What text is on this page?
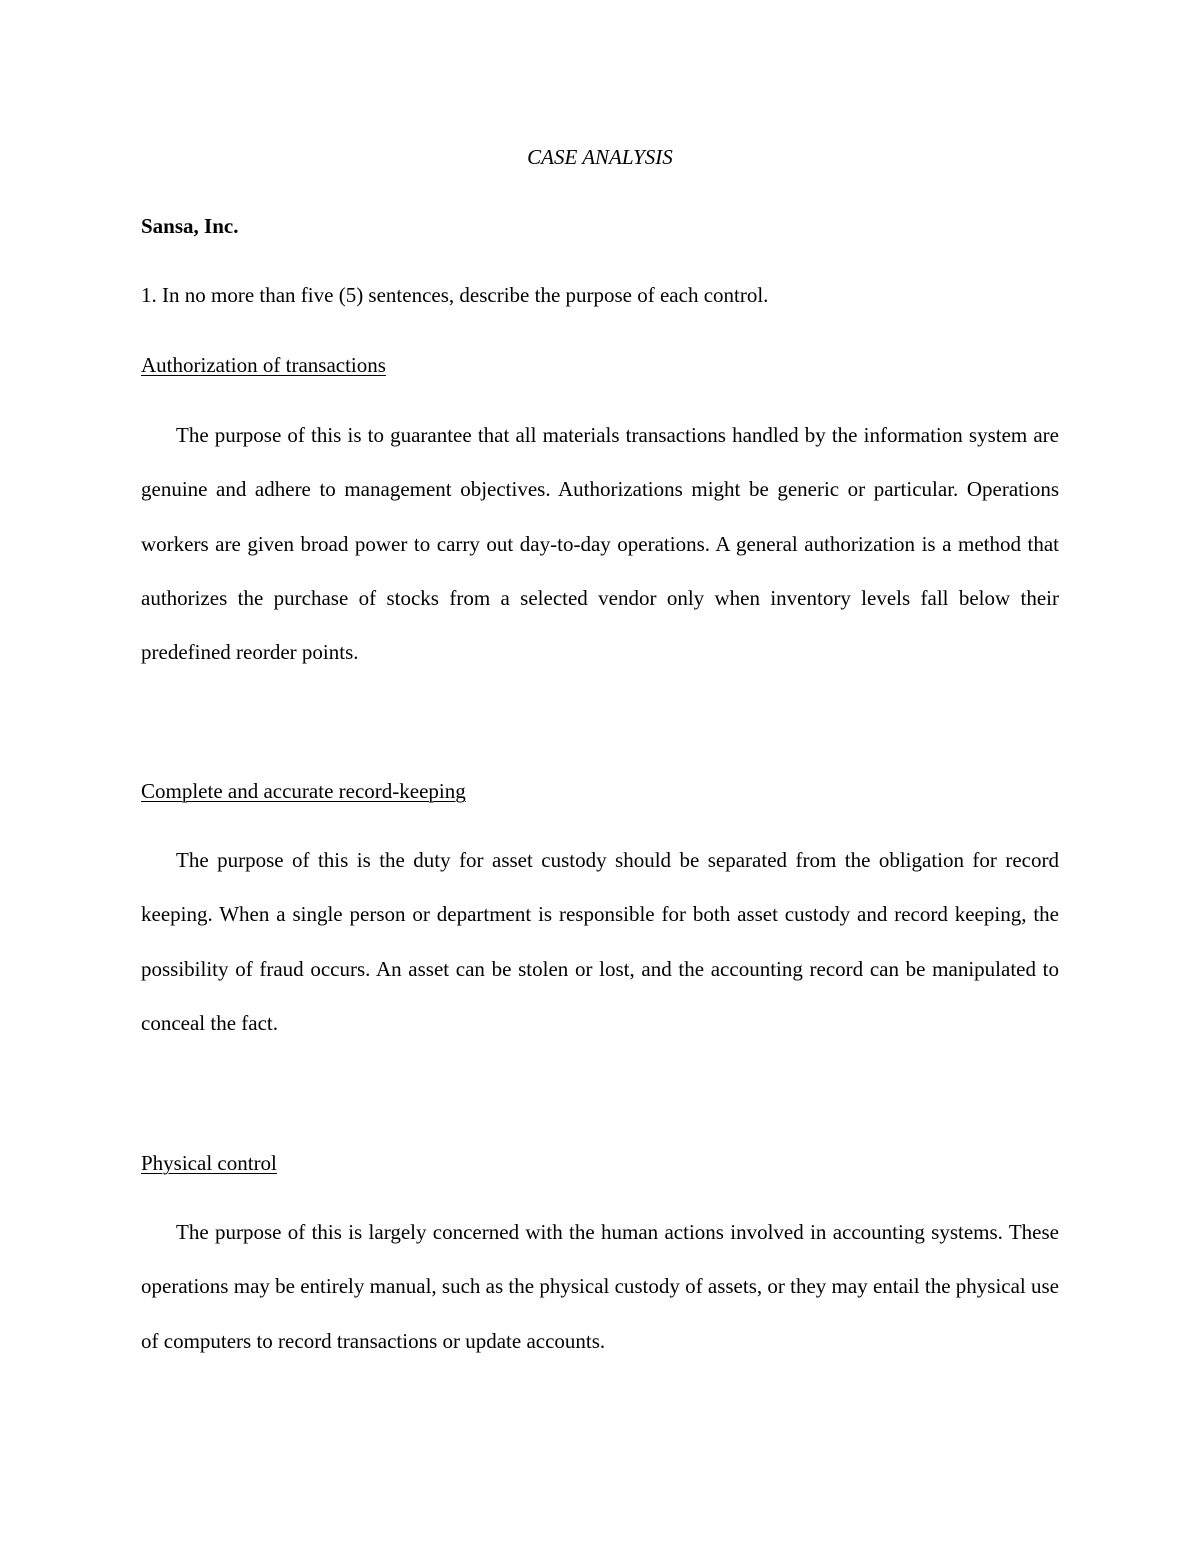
CASE ANALYSIS

Sansa, Inc.

1. In no more than five (5) sentences, describe the purpose of each control.

Authorization of transactions

The purpose of this is to guarantee that all materials transactions handled by the information system are genuine and adhere to management objectives. Authorizations might be generic or particular. Operations workers are given broad power to carry out day-to-day operations. A general authorization is a method that authorizes the purchase of stocks from a selected vendor only when inventory levels fall below their predefined reorder points.

Complete and accurate record-keeping

The purpose of this is the duty for asset custody should be separated from the obligation for record keeping. When a single person or department is responsible for both asset custody and record keeping, the possibility of fraud occurs. An asset can be stolen or lost, and the accounting record can be manipulated to conceal the fact.

Physical control

The purpose of this is largely concerned with the human actions involved in accounting systems. These operations may be entirely manual, such as the physical custody of assets, or they may entail the physical use of computers to record transactions or update accounts.
